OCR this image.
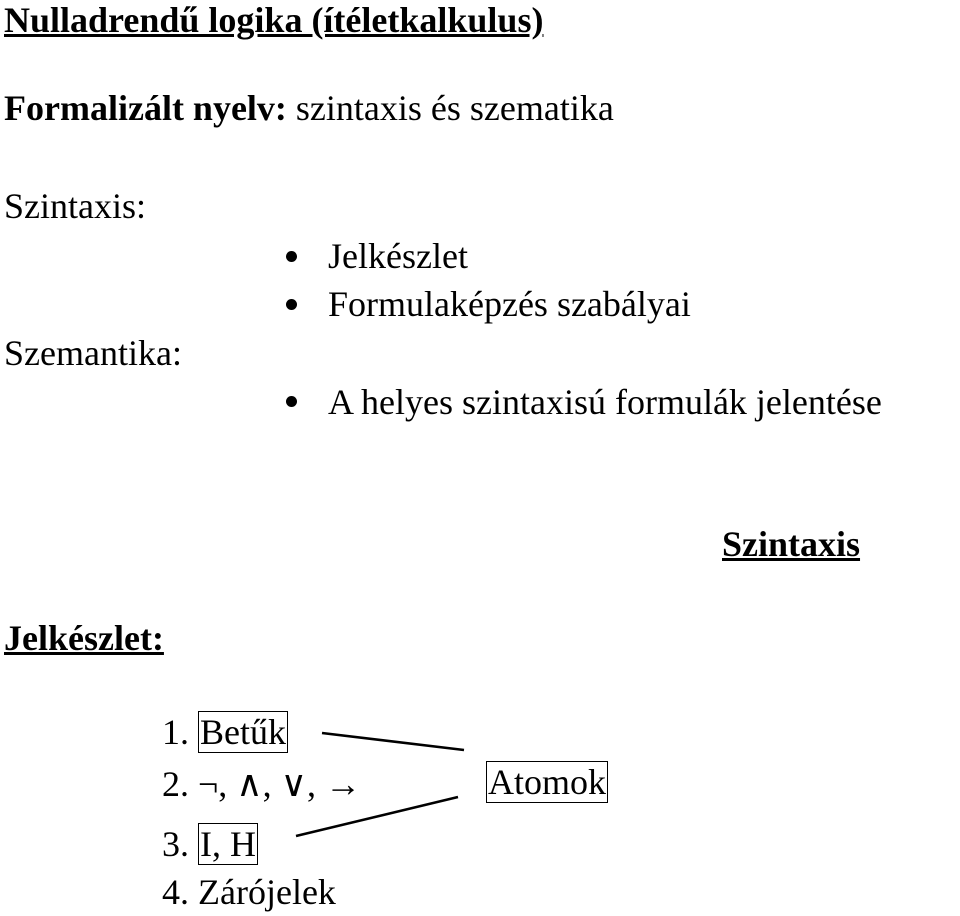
Nulladrendű logika (ítéletkalkulus)
Formalizált nyelv: szintaxis és szematika
Szintaxis:
Jelkészlet
Formulaképzés szabályai
Szemantika:
A helyes szintaxisú formulák jelentése
Szintaxis
Jelkészlet:
1. Betűk
2. ¬, ∧, ∨, →
3. I, H
4. Zárójelek
Atomok
